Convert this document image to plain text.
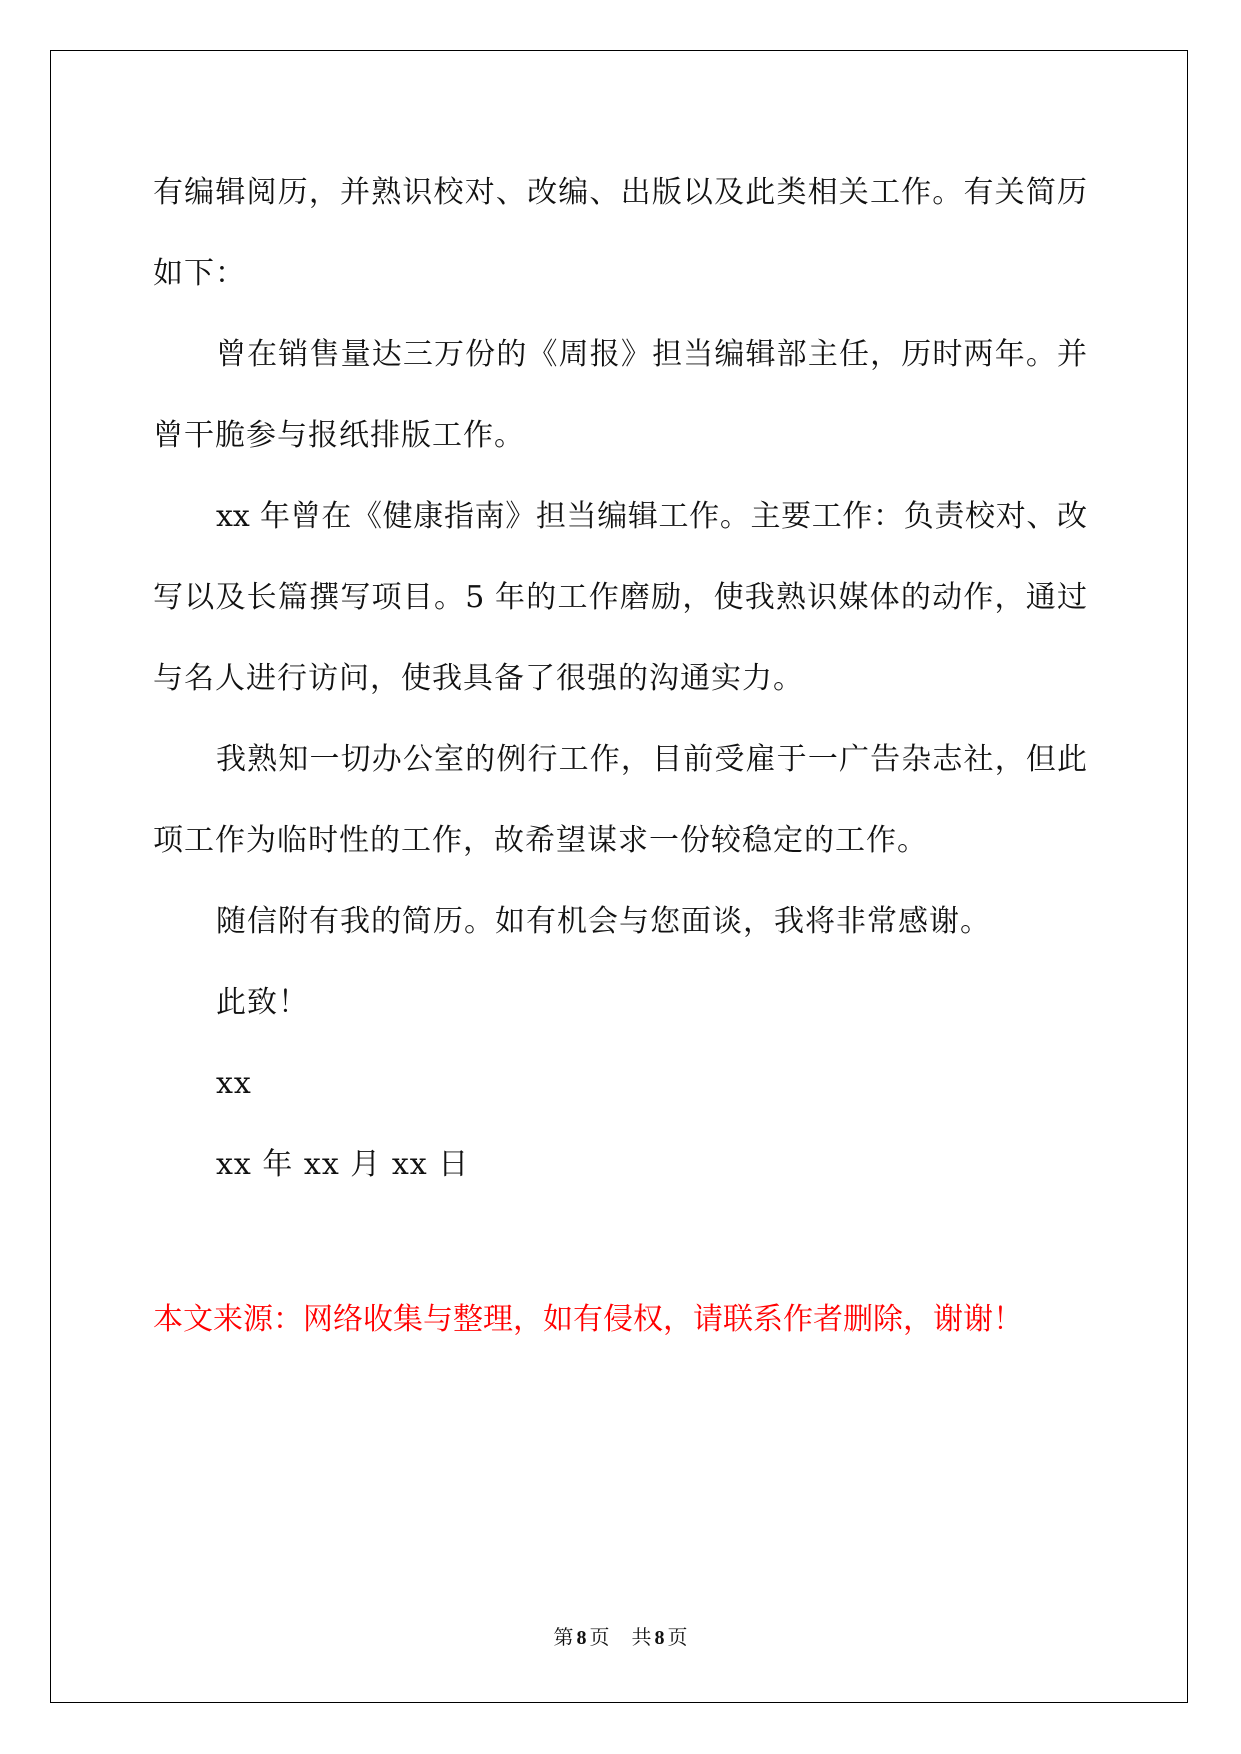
有编辑阅历，并熟识校对、改编、出版以及此类相关工作。有关简历
如下：
曾在销售量达三万份的《周报》担当编辑部主任，历时两年。并
曾干脆参与报纸排版工作。
xx 年曾在《健康指南》担当编辑工作。主要工作：负责校对、改
写以及长篇撰写项目。5 年的工作磨励，使我熟识媒体的动作，通过
与名人进行访问，使我具备了很强的沟通实力。
我熟知一切办公室的例行工作，目前受雇于一广告杂志社，但此
项工作为临时性的工作，故希望谋求一份较稳定的工作。
随信附有我的简历。如有机会与您面谈，我将非常感谢。
此致！
xx
xx 年 xx 月 xx 日
本文来源：网络收集与整理，如有侵权，请联系作者删除，谢谢！
第 8 页 共 8 页
